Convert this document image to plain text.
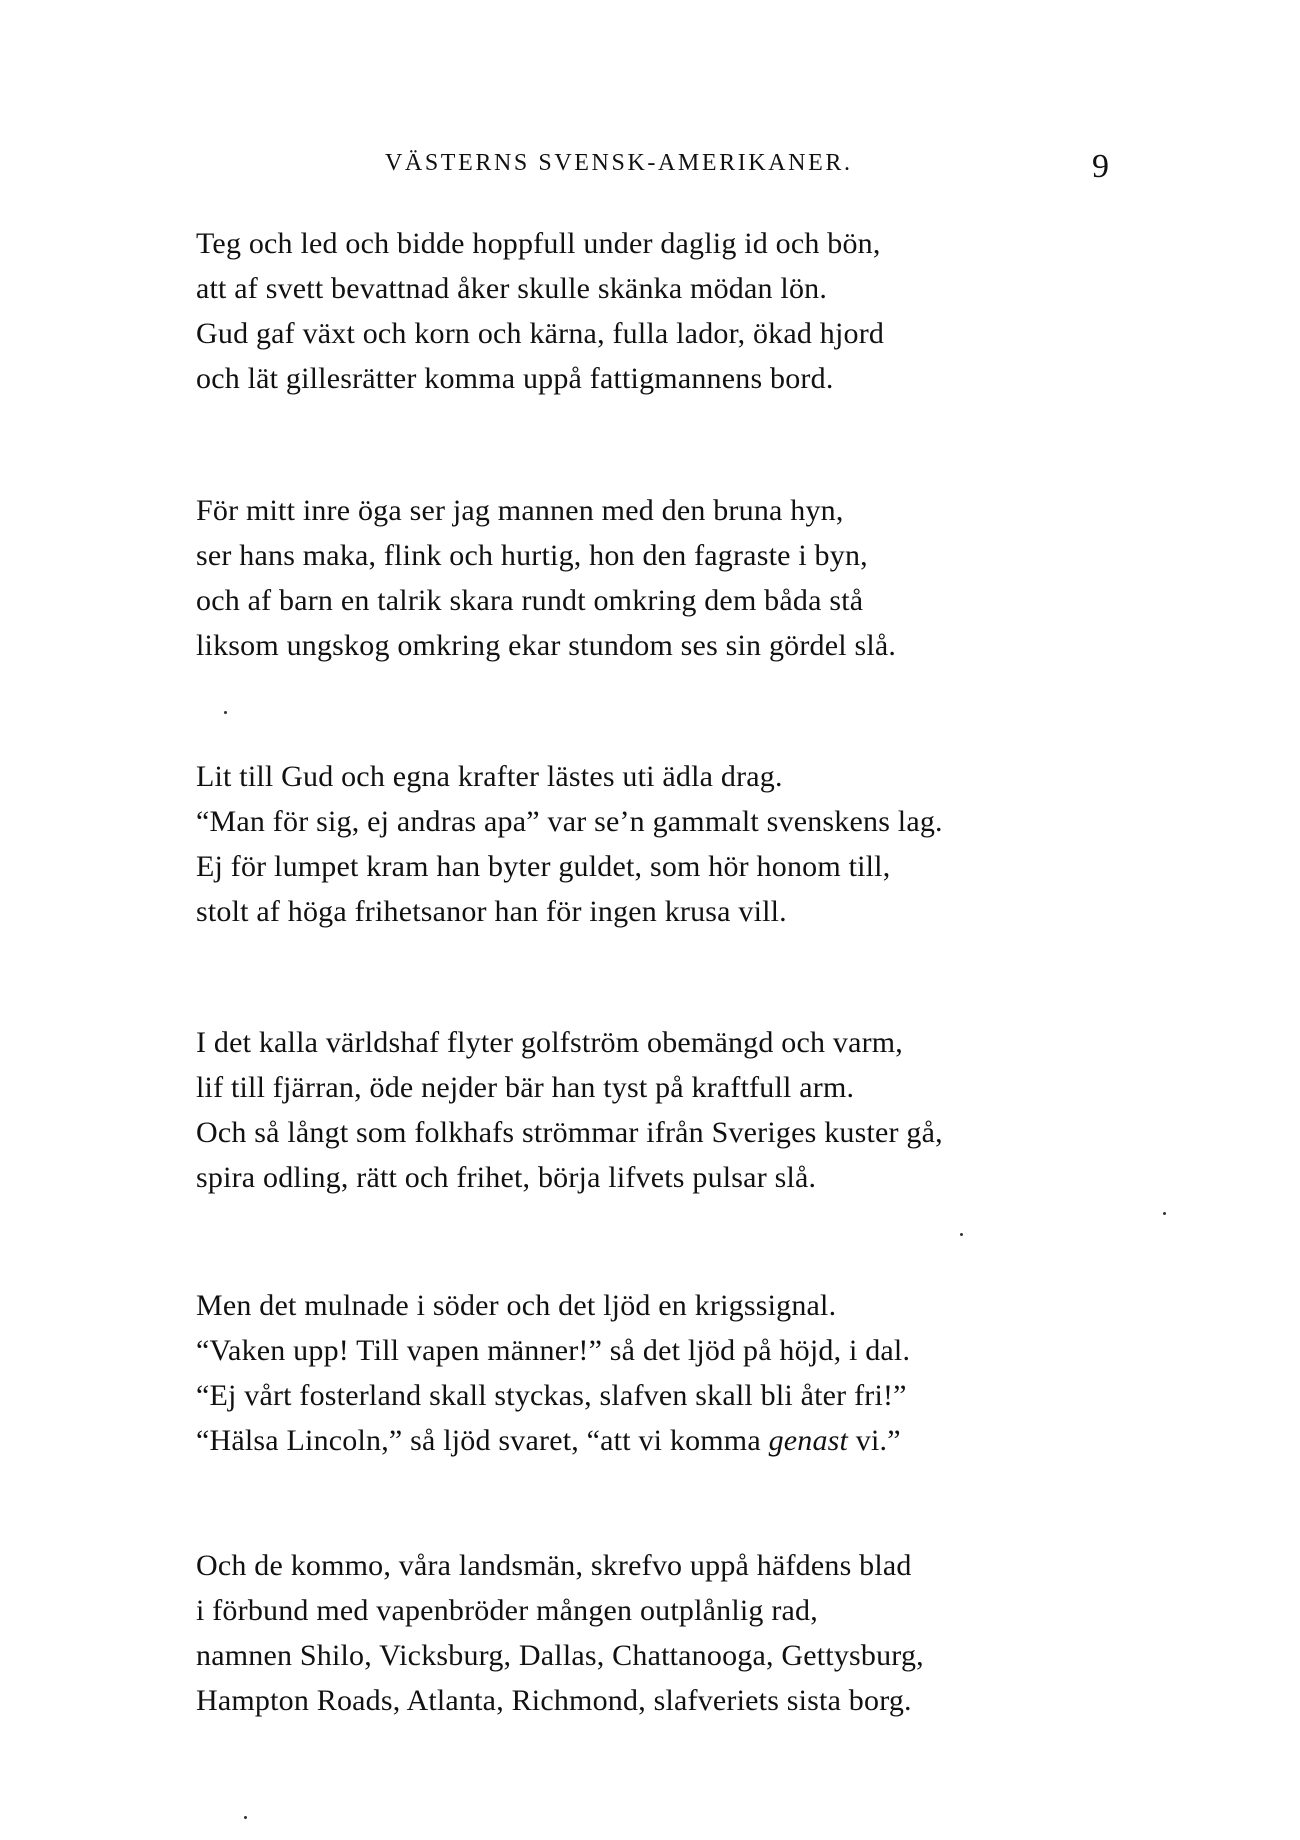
VÄSTERNS SVENSK-AMERIKANER.	9
Teg och led och bidde hoppfull under daglig id och bön,
att af svett bevattnad åker skulle skänka mödan lön.
Gud gaf växt och korn och kärna, fulla lador, ökad hjord
och lät gillesrätter komma uppå fattigmannens bord.
För mitt inre öga ser jag mannen med den bruna hyn,
ser hans maka, flink och hurtig, hon den fagraste i byn,
och af barn en talrik skara rundt omkring dem båda stå
liksom ungskog omkring ekar stundom ses sin gördel slå.
Lit till Gud och egna krafter lästes uti ädla drag.
“Man för sig, ej andras apa” var se’n gammalt svenskens lag.
Ej för lumpet kram han byter guldet, som hör honom till,
stolt af höga frihetsanor han för ingen krusa vill.
I det kalla världshaf flyter golfström obemängd och varm,
lif till fjärran, öde nejder bär han tyst på kraftfull arm.
Och så långt som folkhafs strömmar ifrån Sveriges kuster gå,
spira odling, rätt och frihet, börja lifvets pulsar slå.
Men det mulnade i söder och det ljöd en krigssignal.
“Vaken upp! Till vapen männer!” så det ljöd på höjd, i dal.
“Ej vårt fosterland skall styckas, slafven skall bli åter fri!”
“Hälsa Lincoln,” så ljöd svaret, “att vi komma genast vi.”
Och de kommo, våra landsmän, skrefvo uppå häfdens blad
i förbund med vapenbröder mången outplånlig rad,
namnen Shilo, Vicksburg, Dallas, Chattanooga, Gettysburg,
Hampton Roads, Atlanta, Richmond, slafveriets sista borg.
